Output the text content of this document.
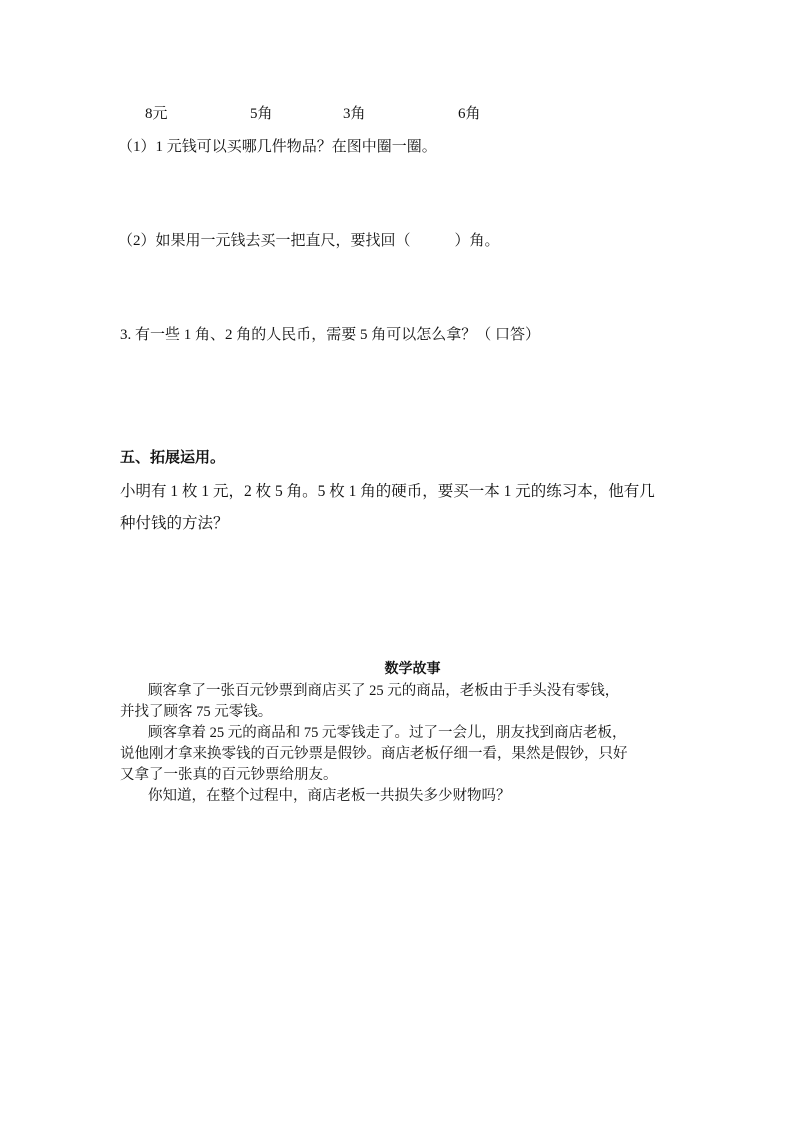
8元	5角	3角	6角
（1）1 元钱可以买哪几件物品？在图中圈一圈。
（2）如果用一元钱去买一把直尺，要找回（	）角。
3. 有一些 1 角、2 角的人民币，需要 5 角可以怎么拿？（ 口答）
五、拓展运用。
小明有 1 枚 1 元，2 枚 5 角。5 枚 1 角的硬币，要买一本 1 元的练习本，他有几
种付钱的方法？
数学故事
顾客拿了一张百元钞票到商店买了 25 元的商品，老板由于手头没有零钱，
并找了顾客 75 元零钱。
顾客拿着 25 元的商品和 75 元零钱走了。过了一会儿，朋友找到商店老板，
说他刚才拿来换零钱的百元钞票是假钞。商店老板仔细一看，果然是假钞，只好
又拿了一张真的百元钞票给朋友。
你知道，在整个过程中，商店老板一共损失多少财物吗？
